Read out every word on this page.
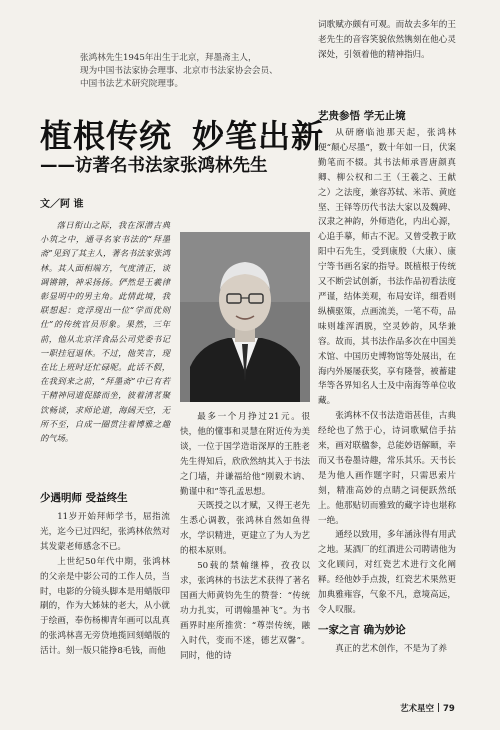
张鸿林先生1945年出生于北京，拜墨斋主人，

现为中国书法家协会理事、北京市书法家协会会员、

中国书法艺术研究院理事。

植根传统 妙笔出新
——访著名书法家张鸿林先生
文／阿 谁

落日衔山之际，我在深潜古典小筑之中，通寻名家书法的“拜墨斋”见到了其主人，著名书法家张鸿林。其人面相端方，气度清正，谈调锵锵，神采扬扬。俨然是王羲律彰显明中的男主角。此情此境，我联想起：竞浮现出一位“学而优则仕”的传统官员形象。果然，三年前，他从北京洋食品公司党委书记一职挂冠退休。不过，他笑言，现在比上班时还忙碌呢。此话不假，在我到来之前，“拜墨斋”中已有若干精神同道促膝而坐，彼着清茗聚饮畅谈，求师论道，海阔天空，无所不至，自成一圈贯注着博雅之趣的气场。

少遇明师 受益终生

11岁开始拜师学书，屈指流光，迄今已过四纪，张鸿林依然对其发蒙老师感念不已。

上世纪50年代中期，张鸿林的父亲是中影公司的工作人员，当时，电影的分镜头脚本是用蜡版印刷的，作为大姊妹的老大，从小就于绘画，奉伤杨柳青年画可以乱真的张鸿林喜无旁贷地揽回刻蜡版的活计。刻一版只能挣8毛钱，而他

最多一个月挣过21元。很快，他的懂事和灵慧在附近传为美谈，一位于国学造诣深厚的王胜老先生得知后，欣欣然纳其入于书法之门墙，并谦福给他“刚毅木讷、勤谨中和”等孔孟思想。

天既授之以才赋，又得王老先生悉心调教，张鸿林自然如鱼得水，学识精进，更建立了为人为艺的根本原则。

50载的禁翰继棒，孜孜以求，张鸿林的书法艺术获得了著名国画大师黄钧先生的赞誉：“传统功力扎实，可谓翰墨神飞”。为书画界时座所推赏：“尊崇传统，融入时代，变而不迷，德艺双馨”。同时，他的诗

词歌赋亦颇有可观。而故去多年的王老先生的音容笑貌依然镌刻在他心灵深处，引领着他的精神指归。

艺贵参悟 学无止境

从研磨临池那天起，张鸿林便“颠心尽墨”，数十年如一日，伏案勤笔而不辍。其书法师承晋唐颜真卿、柳公权和二王（王羲之、王献之）之法度，兼容苏轼、米芾、黄庭坚、王铎等历代书法大家以及魏碑、汉隶之神韵，外师造化，内出心源，心追手摹，师古不泥。又曾受教于欧阳中石先生，受到康殷（大康）、康宁等书画名家的指导。既植根于传统又不断尝试创新，书法作品初看法度严谨，结体美观，布局安详，细看则纵横驱策，点画流美，一笔不苟，品味则雄浑洒脱，空灵妙韵，风华兼容。故而，其书法作品多次在中国美术馆、中国历史博物馆等处展出，在海内外屡屡获奖，享有隆誉，被蓄建华等各界知名人士及中南海等单位收藏。

张鸿林不仅书法造诣甚佳，古典经纶也了然于心，诗词歌赋信手拈来，画对联楹参，总能妙语解颐，幸而又书卷墨诗趣，常乐其乐。天书长是为他人画作题字时，只需思索片刻，精准高妙的点睛之词便跃然纸上。他那贴切而雅致的藏字诗也堪称一绝。

通经以致用，多年涵泳得有用武之地。某酒厂的红酒进公司聘请他为文化顾问，对红瓷艺术进行文化阐释。经他妙手点拨，红瓷艺术果然更加典雅雍容，气象不凡，意境高远，令人叹服。

一家之言 确为妙论

真正的艺术创作，不是为了养

艺术星空 79
